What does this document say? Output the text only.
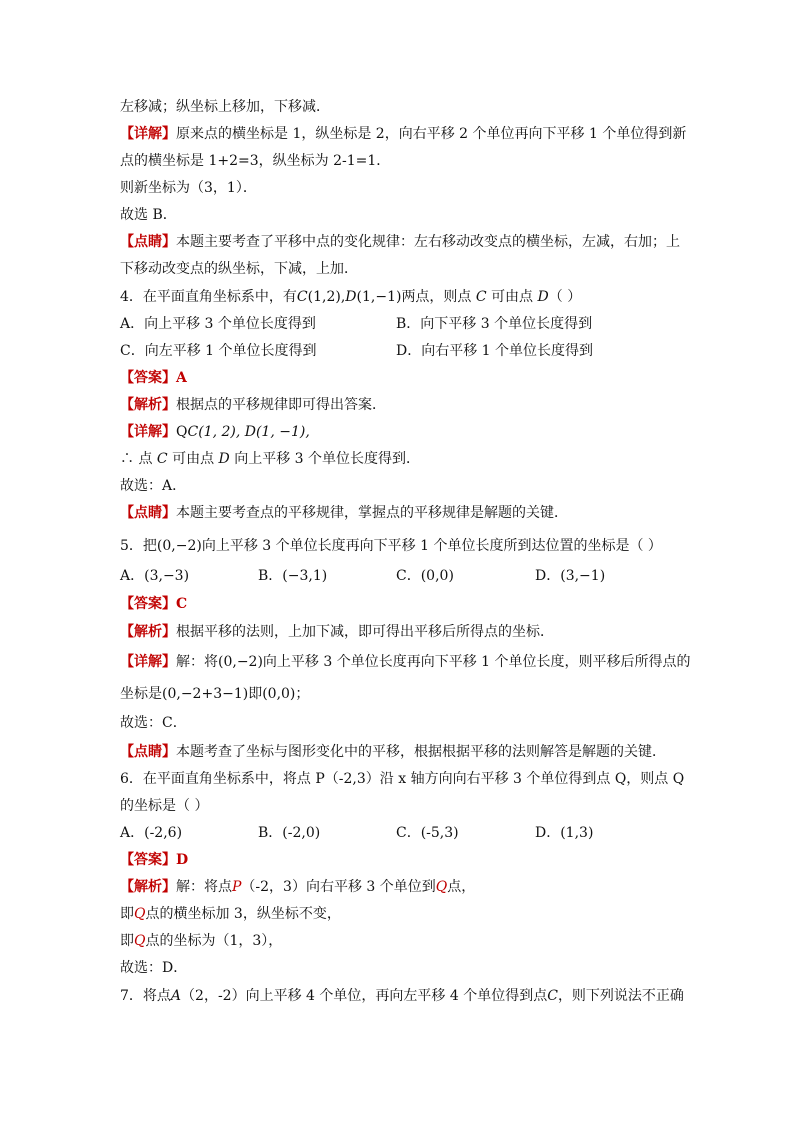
左移减；纵坐标上移加，下移减．
【详解】原来点的横坐标是 1，纵坐标是 2，向右平移 2 个单位再向下平移 1 个单位得到新
点的横坐标是 1+2=3，纵坐标为 2-1=1．
则新坐标为（3，1）．
故选 B．
【点睛】本题主要考查了平移中点的变化规律：左右移动改变点的横坐标，左减，右加；上
下移动改变点的纵坐标，下减，上加．
4．在平面直角坐标系中，有C(1,2),D(1,−1)两点，则点 C 可由点 D（ ）
A．向上平移 3 个单位长度得到	B．向下平移 3 个单位长度得到
C．向左平移 1 个单位长度得到	D．向右平移 1 个单位长度得到
【答案】A
【解析】根据点的平移规律即可得出答案．
【详解】QC(1, 2), D(1, −1),
∴ 点 C 可由点 D 向上平移 3 个单位长度得到．
故选：A．
【点睛】本题主要考查点的平移规律，掌握点的平移规律是解题的关键．
5．把(0,−2)向上平移 3 个单位长度再向下平移 1 个单位长度所到达位置的坐标是（ ）
A．(3,−3)	B．(−3,1)	C．(0,0)	D．(3,−1)
【答案】C
【解析】根据平移的法则，上加下减，即可得出平移后所得点的坐标．
【详解】解：将(0,−2)向上平移 3 个单位长度再向下平移 1 个单位长度，则平移后所得点的
坐标是(0,−2+3−1)即(0,0)；
故选：C．
【点睛】本题考查了坐标与图形变化中的平移，根据根据平移的法则解答是解题的关键．
6．在平面直角坐标系中，将点 P（-2,3）沿 x 轴方向向右平移 3 个单位得到点 Q，则点 Q
的坐标是（ ）
A．(-2,6)	B．(-2,0)	C．(-5,3)	D．(1,3)
【答案】D
【解析】解：将点P（-2，3）向右平移 3 个单位到Q点，
即Q点的横坐标加 3，纵坐标不变，
即Q点的坐标为（1，3），
故选：D．
7．将点A（2，-2）向上平移 4 个单位，再向左平移 4 个单位得到点C，则下列说法不正确
